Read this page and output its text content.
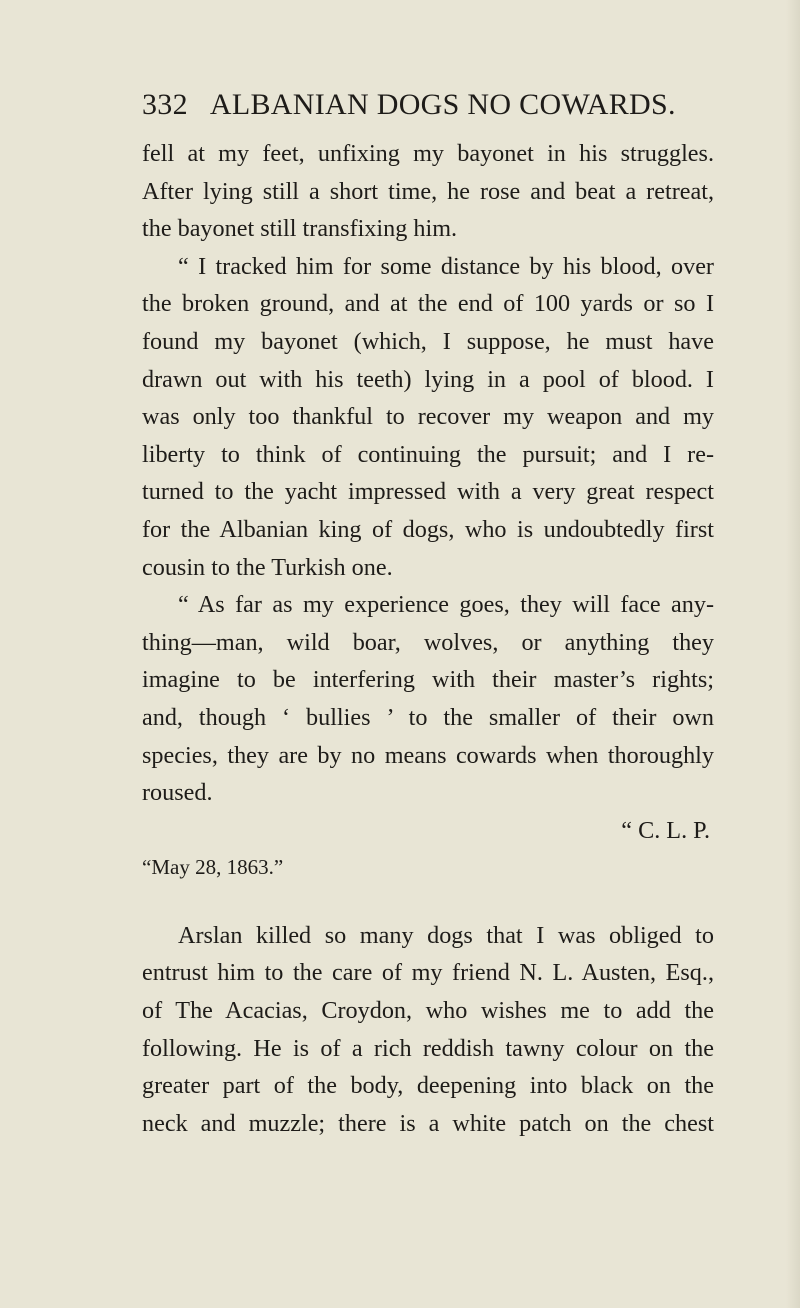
332 ALBANIAN DOGS NO COWARDS.
fell at my feet, unfixing my bayonet in his struggles.
After lying still a short time, he rose and beat a retreat,
the bayonet still transfixing him.
“ I tracked him for some distance by his blood, over
the broken ground, and at the end of 100 yards or so I
found my bayonet (which, I suppose, he must have
drawn out with his teeth) lying in a pool of blood. I
was only too thankful to recover my weapon and my
liberty to think of continuing the pursuit; and I re-
turned to the yacht impressed with a very great respect
for the Albanian king of dogs, who is undoubtedly first
cousin to the Turkish one.
“ As far as my experience goes, they will face any-
thing—man, wild boar, wolves, or anything they
imagine to be interfering with their master’s rights;
and, though ‘ bullies ’ to the smaller of their own
species, they are by no means cowards when thoroughly
roused.
“ C. L. P.
“May 28, 1863.”
Arslan killed so many dogs that I was obliged to
entrust him to the care of my friend N. L. Austen, Esq.,
of The Acacias, Croydon, who wishes me to add the
following. He is of a rich reddish tawny colour on the
greater part of the body, deepening into black on the
neck and muzzle; there is a white patch on the chest
